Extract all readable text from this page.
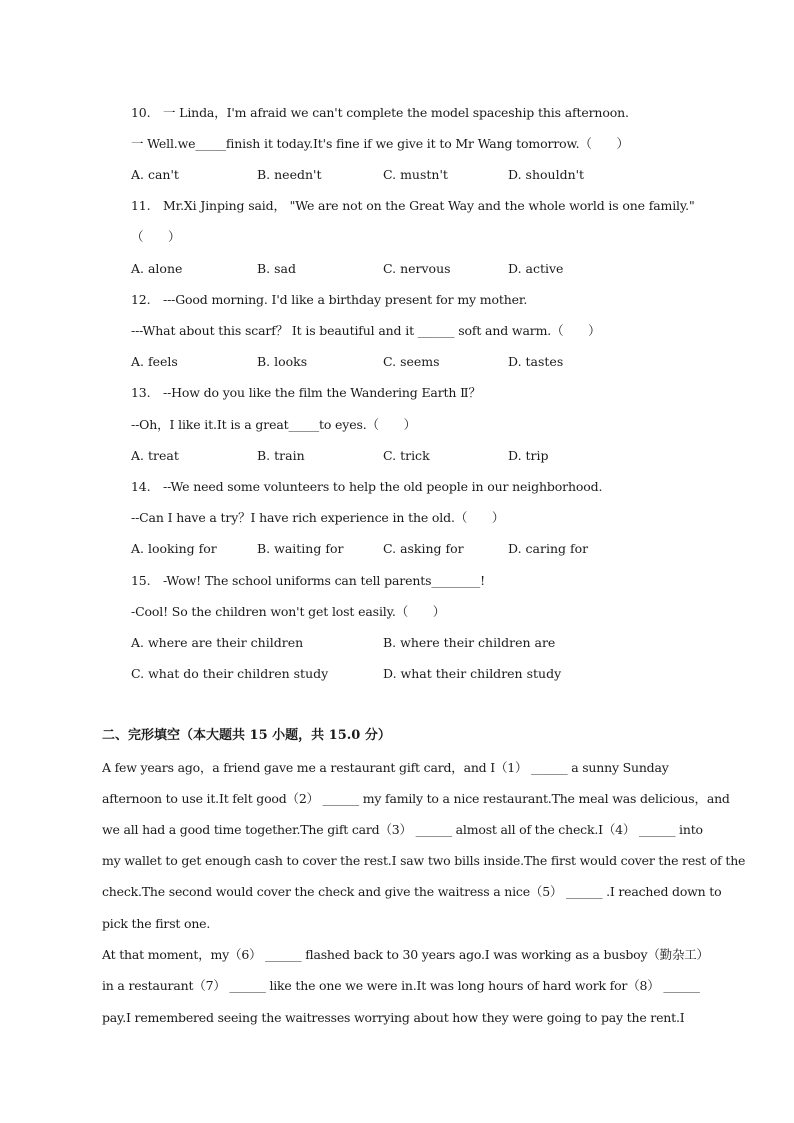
10. 一 Linda，I'm afraid we can't complete the model spaceship this afternoon.
一 Well.we_____finish it today.It's fine if we give it to Mr Wang tomorrow.（　　）
A. can't	B. needn't	C. mustn't	D. shouldn't
11. Mr.Xi Jinping said， "We are not on the Great Way and the whole world is one family."
（　　）
A. alone	B. sad	C. nervous	D. active
12. ---Good morning. I'd like a birthday present for my mother.
---What about this scarf？ It is beautiful and it ______ soft and warm.（　　）
A. feels	B. looks	C. seems	D. tastes
13. --How do you like the film the Wandering Earth Ⅱ？
--Oh，I like it.It is a great_____to eyes.（　　）
A. treat	B. train	C. trick	D. trip
14. --We need some volunteers to help the old people in our neighborhood.
--Can I have a try？I have rich experience in the old.（　　）
A. looking for	B. waiting for	C. asking for	D. caring for
15. -Wow! The school uniforms can tell parents________!
-Cool! So the children won't get lost easily.（　　）
A. where are their children	B. where their children are
C. what do their children study	D. what their children study
二、完形填空（本大题共 15 小题，共 15.0 分）
A few years ago，a friend gave me a restaurant gift card，and I（1） ______ a sunny Sunday
afternoon to use it.It felt good（2） ______ my family to a nice restaurant.The meal was delicious，and
we all had a good time together.The gift card（3） ______ almost all of the check.I（4） ______ into
my wallet to get enough cash to cover the rest.I saw two bills inside.The first would cover the rest of the
check.The second would cover the check and give the waitress a nice（5） ______ .I reached down to
pick the first one.
At that moment，my（6） ______ flashed back to 30 years ago.I was working as a busboy（勤杂工）
in a restaurant（7） ______ like the one we were in.It was long hours of hard work for（8） ______
pay.I remembered seeing the waitresses worrying about how they were going to pay the rent.I
